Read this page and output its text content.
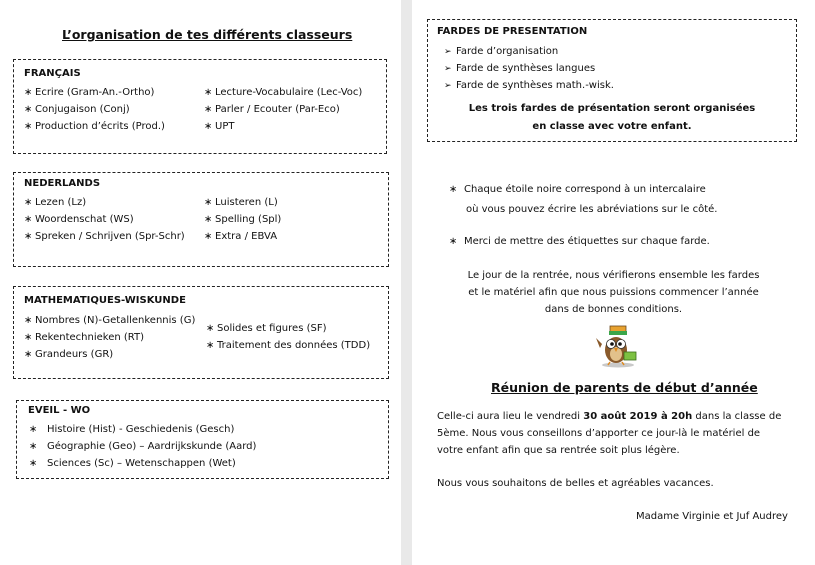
L’organisation de tes différents classeurs
FRANÇAIS
∗ Ecrire (Gram-An.-Ortho)
∗ Conjugaison (Conj)
∗ Production d’écrits (Prod.)
∗ Lecture-Vocabulaire (Lec-Voc)
∗ Parler / Ecouter (Par-Eco)
∗ UPT
NEDERLANDS
∗ Lezen (Lz)
∗ Woordenschat (WS)
∗ Spreken / Schrijven (Spr-Schr)
∗ Luisteren (L)
∗ Spelling (Spl)
∗ Extra / EBVA
MATHEMATIQUES-WISKUNDE
∗ Nombres (N)-Getallenkennis (G)
∗ Rekentechnieken (RT)
∗ Grandeurs (GR)
∗ Solides et figures (SF)
∗ Traitement des données (TDD)
EVEIL - WO
∗ Histoire (Hist) - Geschiedenis (Gesch)
∗ Géographie (Geo) – Aardrijkskunde (Aard)
∗ Sciences (Sc) – Wetenschappen (Wet)
FARDES DE PRESENTATION
➢ Farde d’organisation
➢ Farde de synthèses langues
➢ Farde de synthèses math.-wisk.
Les trois fardes de présentation seront organisées
en classe avec votre enfant.
∗ Chaque étoile noire correspond à un intercalaire
où vous pouvez écrire les abréviations sur le côté.
∗ Merci de mettre des étiquettes sur chaque farde.
Le jour de la rentrée, nous vérifierons ensemble les fardes
et le matériel afin que nous puissions commencer l’année
dans de bonnes conditions.
Réunion de parents de début d’année
Celle-ci aura lieu le vendredi 30 août 2019 à 20h dans la classe de
5ème. Nous vous conseillons d’apporter ce jour-là le matériel de
votre enfant afin que sa rentrée soit plus légère.
Nous vous souhaitons de belles et agréables vacances.
Madame Virginie et Juf Audrey
